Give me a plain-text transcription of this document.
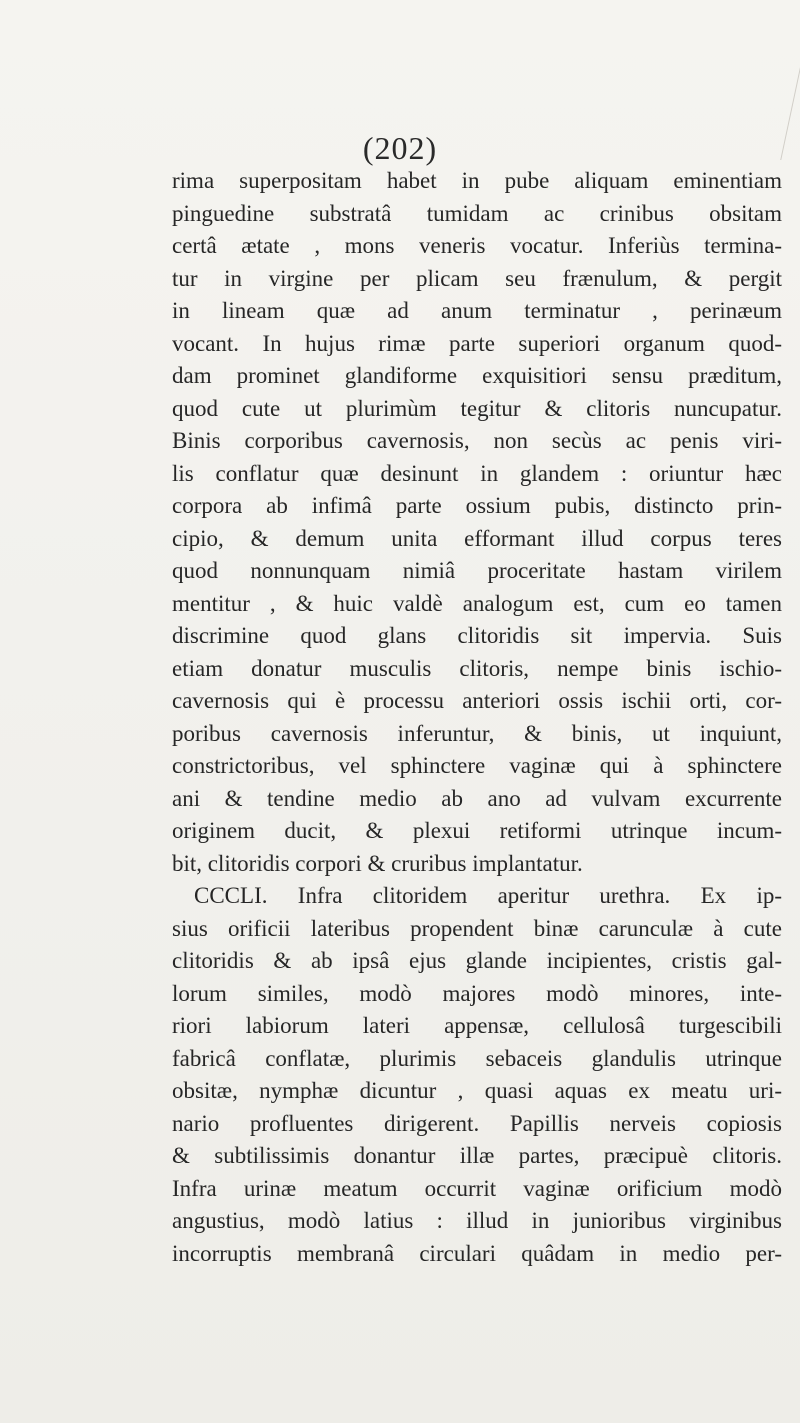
(202)
rima superpositam habet in pube aliquam eminentiam
pinguedine substratâ tumidam ac crinibus obsitam
certâ ætate , mons veneris vocatur. Inferiùs termina-
tur in virgine per plicam seu frænulum, & pergit
in lineam quæ ad anum terminatur , perinæum
vocant. In hujus rimæ parte superiori organum quod-
dam prominet glandiforme exquisitiori sensu præditum,
quod cute ut plurimùm tegitur & clitoris nuncupatur.
Binis corporibus cavernosis, non secùs ac penis viri-
lis conflatur quæ desinunt in glandem : oriuntur hæc
corpora ab infimâ parte ossium pubis, distincto prin-
cipio, & demum unita efformant illud corpus teres
quod nonnunquam nimiâ proceritate hastam virilem
mentitur , & huic valdè analogum est, cum eo tamen
discrimine quod glans clitoridis sit impervia. Suis
etiam donatur musculis clitoris, nempe binis ischio-
cavernosis qui è processu anteriori ossis ischii orti, cor-
poribus cavernosis inferuntur, & binis, ut inquiunt,
constrictoribus, vel sphinctere vaginæ qui à sphinctere
ani & tendine medio ab ano ad vulvam excurrente
originem ducit, & plexui retiformi utrinque incum-
bit, clitoridis corpori & cruribus implantatur.
CCCLI. Infra clitoridem aperitur urethra. Ex ip-
sius orificii lateribus propendent binæ carunculæ à cute
clitoridis & ab ipsâ ejus glande incipientes, cristis gal-
lorum similes, modò majores modò minores, inte-
riori labiorum lateri appensæ, cellulosâ turgescibili
fabricâ conflatæ, plurimis sebaceis glandulis utrinque
obsitæ, nymphæ dicuntur , quasi aquas ex meatu uri-
nario profluentes dirigerent. Papillis nerveis copiosis
& subtilissimis donantur illæ partes, præcipuè clitoris.
Infra urinæ meatum occurrit vaginæ orificium modò
angustius, modò latius : illud in junioribus virginibus
incorruptis membranâ circulari quâdam in medio per-
